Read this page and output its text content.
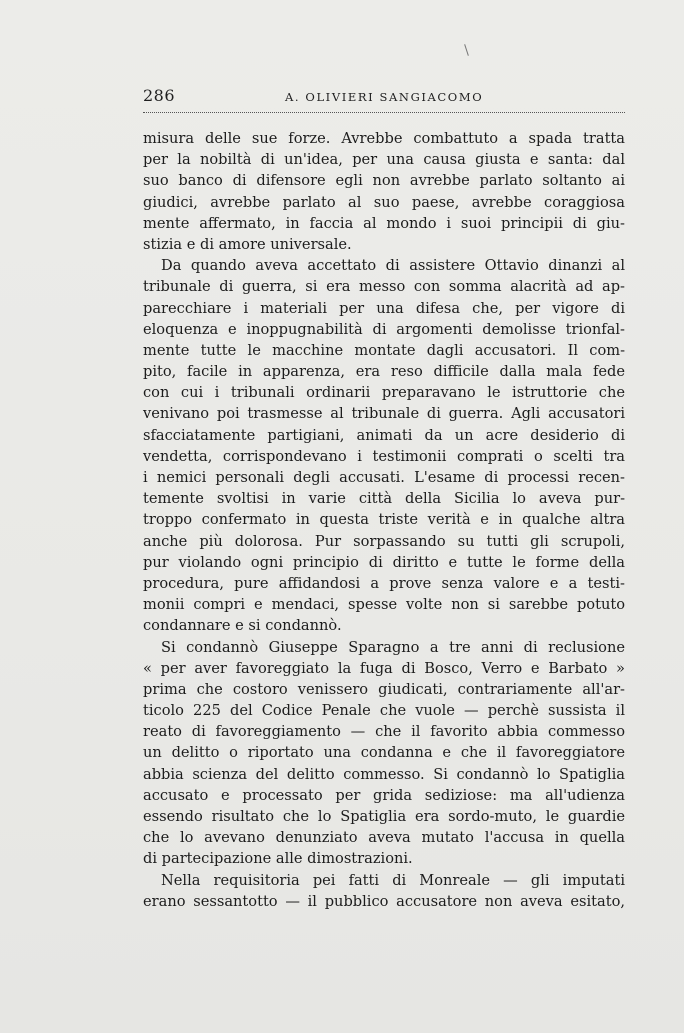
286	A. OLIVIERI SANGIACOMO
misura delle sue forze. Avrebbe combattuto a spada tratta
per la nobiltà di un'idea, per una causa giusta e santa: dal
suo banco di difensore egli non avrebbe parlato soltanto ai
giudici, avrebbe parlato al suo paese, avrebbe coraggiosa
mente affermato, in faccia al mondo i suoi principii di giu-
stizia e di amore universale.
Da quando aveva accettato di assistere Ottavio dinanzi al
tribunale di guerra, si era messo con somma alacrità ad ap-
parecchiare i materiali per una difesa che, per vigore di
eloquenza e inoppugnabilità di argomenti demolisse trionfal-
mente tutte le macchine montate dagli accusatori. Il com-
pito, facile in apparenza, era reso difficile dalla mala fede
con cui i tribunali ordinarii preparavano le istruttorie che
venivano poi trasmesse al tribunale di guerra. Agli accusatori
sfacciatamente partigiani, animati da un acre desiderio di
vendetta, corrispondevano i testimonii comprati o scelti tra
i nemici personali degli accusati. L'esame di processi recen-
temente svoltisi in varie città della Sicilia lo aveva pur-
troppo confermato in questa triste verità e in qualche altra
anche più dolorosa. Pur sorpassando su tutti gli scrupoli,
pur violando ogni principio di diritto e tutte le forme della
procedura, pure affidandosi a prove senza valore e a testi-
monii compri e mendaci, spesse volte non si sarebbe potuto
condannare e si condannò.
Si condannò Giuseppe Sparagno a tre anni di reclusione
« per aver favoreggiato la fuga di Bosco, Verro e Barbato »
prima che costoro venissero giudicati, contrariamente all'ar-
ticolo 225 del Codice Penale che vuole — perchè sussista il
reato di favoreggiamento — che il favorito abbia commesso
un delitto o riportato una condanna e che il favoreggiatore
abbia scienza del delitto commesso. Si condannò lo Spatiglia
accusato e processato per grida sediziose: ma all'udienza
essendo risultato che lo Spatiglia era sordo-muto, le guardie
che lo avevano denunziato aveva mutato l'accusa in quella
di partecipazione alle dimostrazioni.
Nella requisitoria pei fatti di Monreale — gli imputati
erano sessantotto — il pubblico accusatore non aveva esitato,
